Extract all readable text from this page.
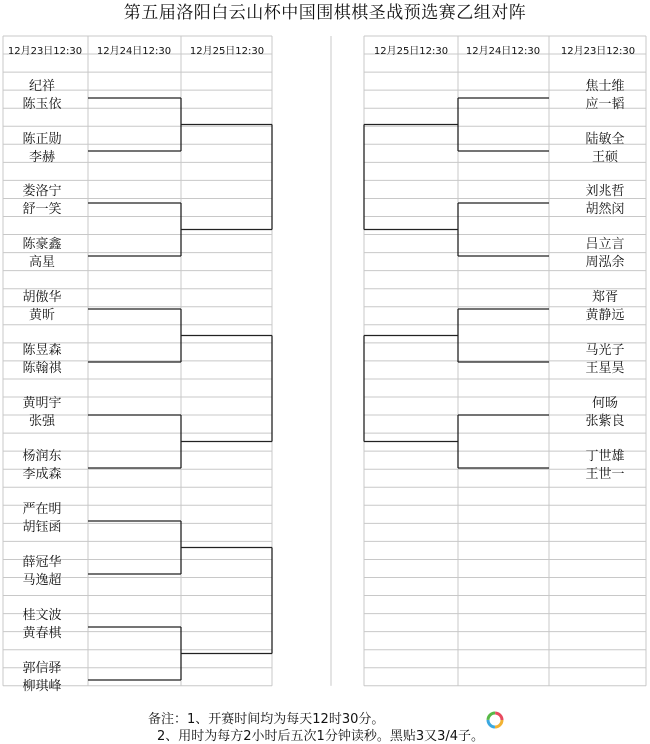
第五届洛阳白云山杯中国围棋棋圣战预选赛乙组对阵
12月23日12:30 12月24日12:30 12月25日12:30	12月25日12:30 12月24日12:30 12月23日12:30
纪祥
陈玉依
陈正勋
李赫
娄洛宁
舒一笑
陈豪鑫
高星
胡傲华
黄昕
陈昱森
陈翰祺
黄明宇
张强
杨润东
李成森
严在明
胡钰函
薛冠华
马逸超
桂文波
黄春棋
郭信驿
柳琪峰
焦士维
应一韬
陆敏全
王硕
刘兆哲
胡然闵
吕立言
周泓余
郑胥
黄静远
马光子
王星昊
何旸
张紫良
丁世雄
王世一
备注：1、开赛时间均为每天12时30分。
2、用时为每方2小时后五次1分钟读秒。黑贴3又3/4子。
